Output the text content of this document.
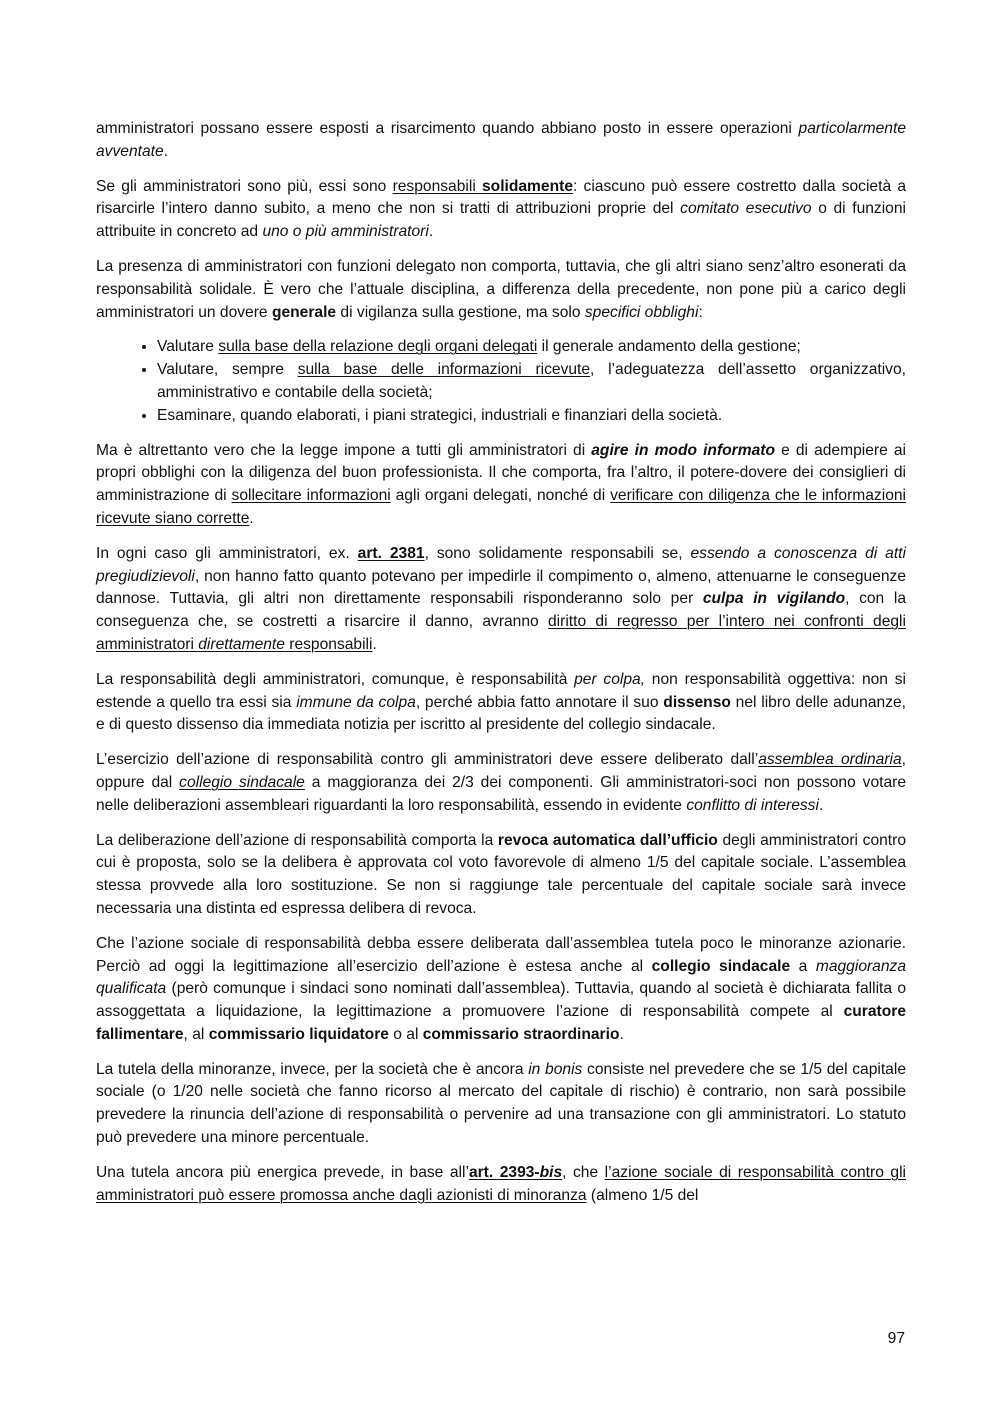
amministratori possano essere esposti a risarcimento quando abbiano posto in essere operazioni particolarmente avventate.

Se gli amministratori sono più, essi sono responsabili solidamente: ciascuno può essere costretto dalla società a risarcirle l’intero danno subito, a meno che non si tratti di attribuzioni proprie del comitato esecutivo o di funzioni attribuite in concreto ad uno o più amministratori.

La presenza di amministratori con funzioni delegato non comporta, tuttavia, che gli altri siano senz’altro esonerati da responsabilità solidale. È vero che l’attuale disciplina, a differenza della precedente, non pone più a carico degli amministratori un dovere generale di vigilanza sulla gestione, ma solo specifici obblighi:

• Valutare sulla base della relazione degli organi delegati il generale andamento della gestione;
• Valutare, sempre sulla base delle informazioni ricevute, l’adeguatezza dell’assetto organizzativo, amministrativo e contabile della società;
• Esaminare, quando elaborati, i piani strategici, industriali e finanziari della società.

Ma è altrettanto vero che la legge impone a tutti gli amministratori di agire in modo informato e di adempiere ai propri obblighi con la diligenza del buon professionista. Il che comporta, fra l’altro, il potere-dovere dei consiglieri di amministrazione di sollecitare informazioni agli organi delegati, nonché di verificare con diligenza che le informazioni ricevute siano corrette.

In ogni caso gli amministratori, ex. art. 2381, sono solidamente responsabili se, essendo a conoscenza di atti pregiudizievoli, non hanno fatto quanto potevano per impedirle il compimento o, almeno, attenuarne le conseguenze dannose. Tuttavia, gli altri non direttamente responsabili risponderanno solo per culpa in vigilando, con la conseguenza che, se costretti a risarcire il danno, avranno diritto di regresso per l’intero nei confronti degli amministratori direttamente responsabili.

La responsabilità degli amministratori, comunque, è responsabilità per colpa, non responsabilità oggettiva: non si estende a quello tra essi sia immune da colpa, perché abbia fatto annotare il suo dissenso nel libro delle adunanze, e di questo dissenso dia immediata notizia per iscritto al presidente del collegio sindacale.

L’esercizio dell’azione di responsabilità contro gli amministratori deve essere deliberato dall’assemblea ordinaria, oppure dal collegio sindacale a maggioranza dei 2/3 dei componenti. Gli amministratori-soci non possono votare nelle deliberazioni assembleari riguardanti la loro responsabilità, essendo in evidente conflitto di interessi.

La deliberazione dell’azione di responsabilità comporta la revoca automatica dall’ufficio degli amministratori contro cui è proposta, solo se la delibera è approvata col voto favorevole di almeno 1/5 del capitale sociale. L’assemblea stessa provvede alla loro sostituzione. Se non si raggiunge tale percentuale del capitale sociale sarà invece necessaria una distinta ed espressa delibera di revoca.

Che l’azione sociale di responsabilità debba essere deliberata dall’assemblea tutela poco le minoranze azionarie. Perciò ad oggi la legittimazione all’esercizio dell’azione è estesa anche al collegio sindacale a maggioranza qualificata (però comunque i sindaci sono nominati dall’assemblea). Tuttavia, quando al società è dichiarata fallita o assoggettata a liquidazione, la legittimazione a promuovere l’azione di responsabilità compete al curatore fallimentare, al commissario liquidatore o al commissario straordinario.

La tutela della minoranze, invece, per la società che è ancora in bonis consiste nel prevedere che se 1/5 del capitale sociale (o 1/20 nelle società che fanno ricorso al mercato del capitale di rischio) è contrario, non sarà possibile prevedere la rinuncia dell’azione di responsabilità o pervenire ad una transazione con gli amministratori. Lo statuto può prevedere una minore percentuale.

Una tutela ancora più energica prevede, in base all’art. 2393-bis, che l’azione sociale di responsabilità contro gli amministratori può essere promossa anche dagli azionisti di minoranza (almeno 1/5 del

97
